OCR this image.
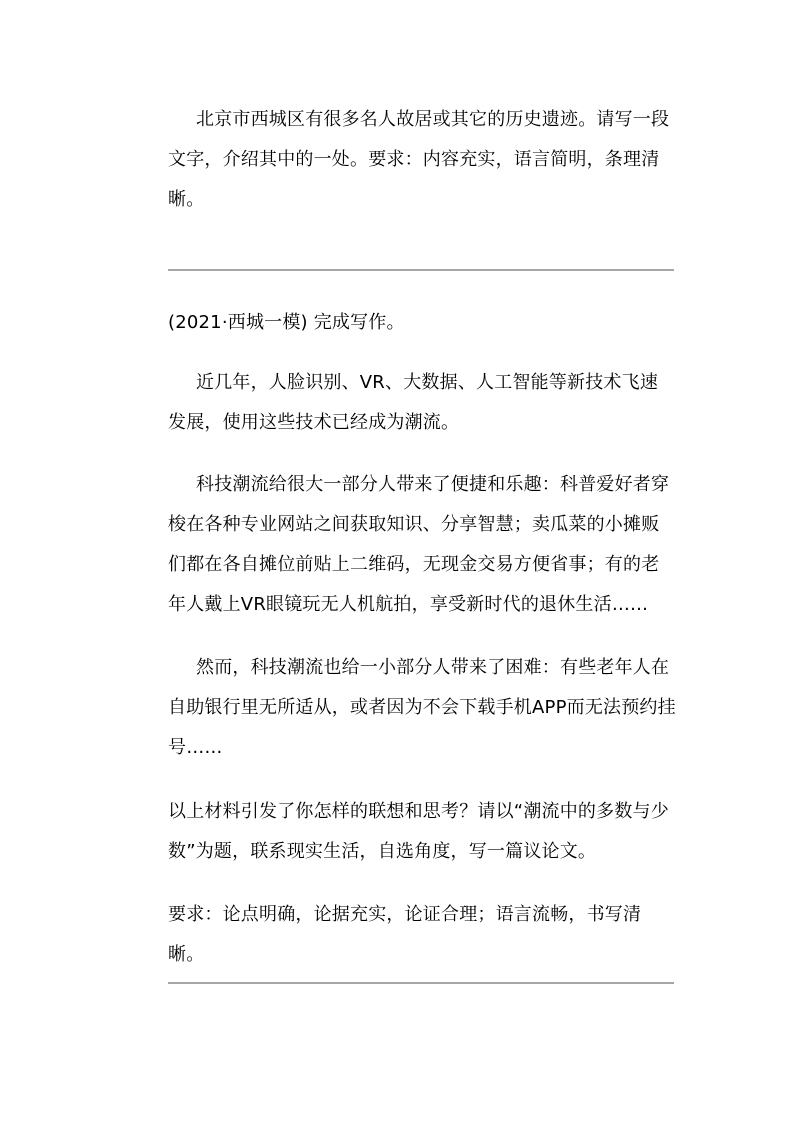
北京市西城区有很多名人故居或其它的历史遗迹。请写一段文字，介绍其中的一处。要求：内容充实，语言简明，条理清晰。

(2021·西城一模) 完成写作。

近几年，人脸识别、VR、大数据、人工智能等新技术飞速发展，使用这些技术已经成为潮流。

科技潮流给很大一部分人带来了便捷和乐趣：科普爱好者穿梭在各种专业网站之间获取知识、分享智慧；卖瓜菜的小摊贩们都在各自摊位前贴上二维码，无现金交易方便省事；有的老年人戴上VR眼镜玩无人机航拍，享受新时代的退休生活……

然而，科技潮流也给一小部分人带来了困难：有些老年人在自助银行里无所适从，或者因为不会下载手机APP而无法预约挂号……

以上材料引发了你怎样的联想和思考？请以“潮流中的多数与少数”为题，联系现实生活，自选角度，写一篇议论文。

要求：论点明确，论据充实，论证合理；语言流畅，书写清晰。
